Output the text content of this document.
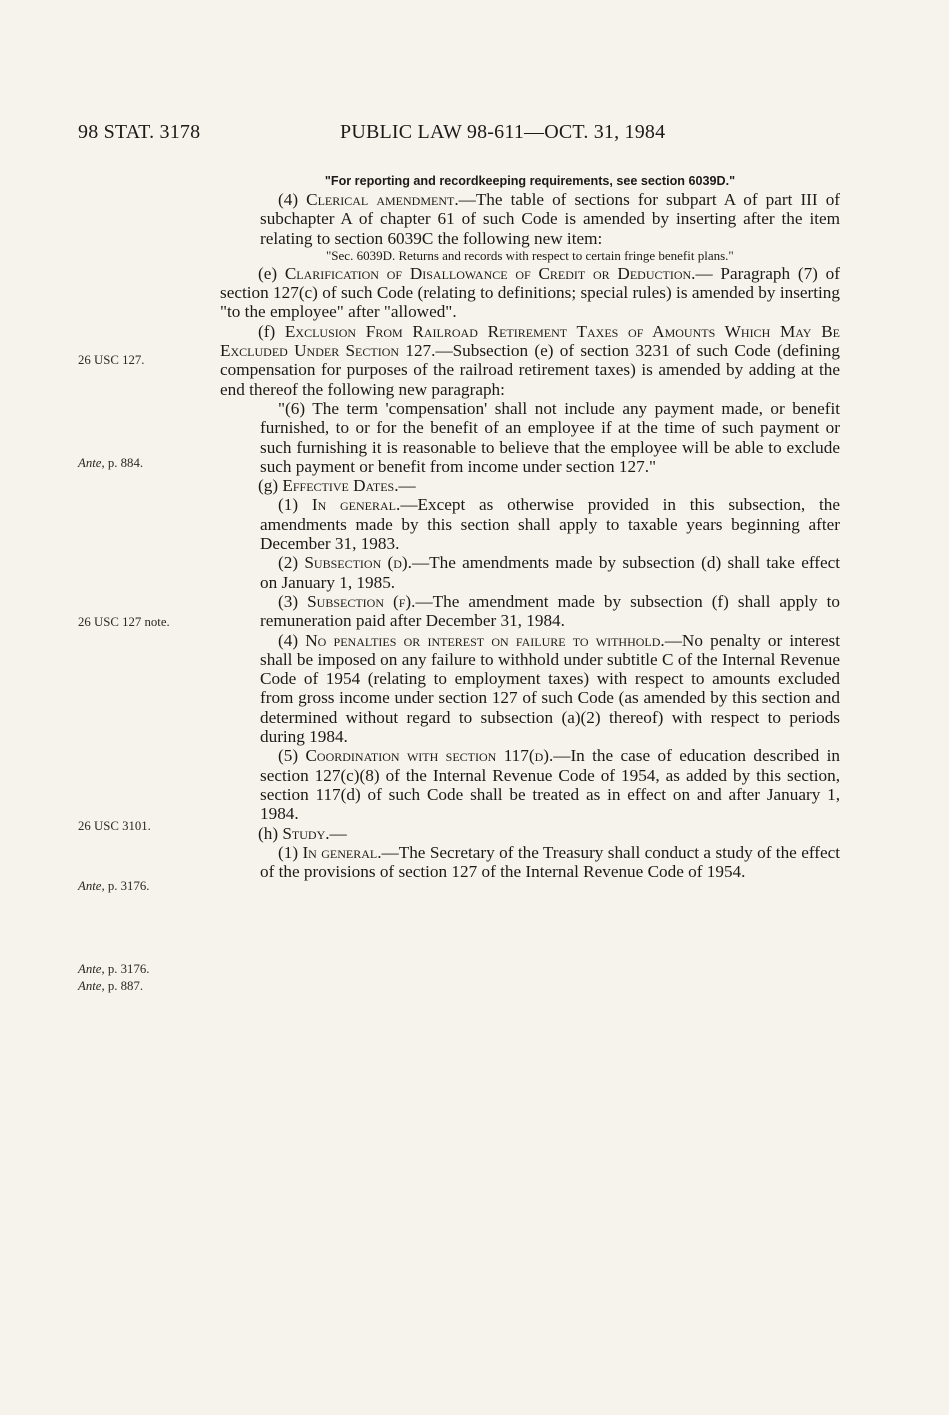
98 STAT. 3178	PUBLIC LAW 98-611—OCT. 31, 1984
26 USC 127.
Ante, p. 884.
26 USC 127 note.
26 USC 3101.
Ante, p. 3176.
Ante, p. 3176.
Ante, p. 887.

"For reporting and recordkeeping requirements, see section 6039D."

(4) Clerical amendment.—The table of sections for subpart A of part III of subchapter A of chapter 61 of such Code is amended by inserting after the item relating to section 6039C the following new item:

"Sec. 6039D. Returns and records with respect to certain fringe benefit plans."

(e) Clarification of Disallowance of Credit or Deduction.— Paragraph (7) of section 127(c) of such Code (relating to definitions; special rules) is amended by inserting "to the employee" after "allowed".

(f) Exclusion From Railroad Retirement Taxes of Amounts Which May Be Excluded Under Section 127.—Subsection (e) of section 3231 of such Code (defining compensation for purposes of the railroad retirement taxes) is amended by adding at the end thereof the following new paragraph:

"(6) The term 'compensation' shall not include any payment made, or benefit furnished, to or for the benefit of an employee if at the time of such payment or such furnishing it is reasonable to believe that the employee will be able to exclude such payment or benefit from income under section 127."

(g) Effective Dates.—

(1) In general.—Except as otherwise provided in this subsection, the amendments made by this section shall apply to taxable years beginning after December 31, 1983.

(2) Subsection (d).—The amendments made by subsection (d) shall take effect on January 1, 1985.

(3) Subsection (f).—The amendment made by subsection (f) shall apply to remuneration paid after December 31, 1984.

(4) No penalties or interest on failure to withhold.—No penalty or interest shall be imposed on any failure to withhold under subtitle C of the Internal Revenue Code of 1954 (relating to employment taxes) with respect to amounts excluded from gross income under section 127 of such Code (as amended by this section and determined without regard to subsection (a)(2) thereof) with respect to periods during 1984.

(5) Coordination with section 117(d).—In the case of education described in section 127(c)(8) of the Internal Revenue Code of 1954, as added by this section, section 117(d) of such Code shall be treated as in effect on and after January 1, 1984.

(h) Study.—

(1) In general.—The Secretary of the Treasury shall conduct a study of the effect of the provisions of section 127 of the Internal Revenue Code of 1954.
